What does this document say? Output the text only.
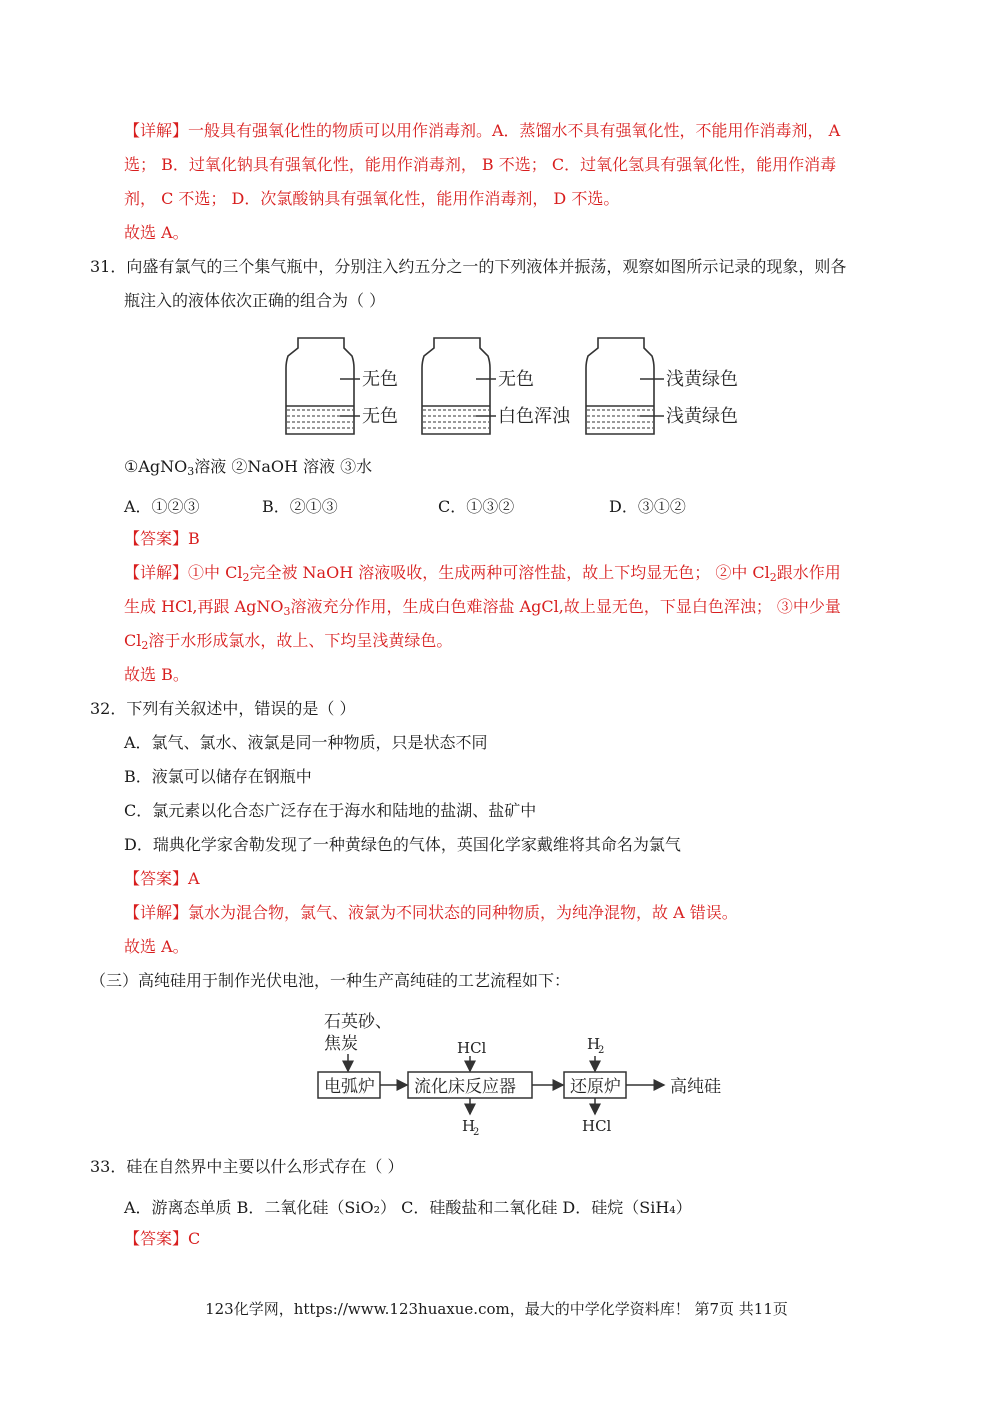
【详解】一般具有强氧化性的物质可以用作消毒剂。A．蒸馏水不具有强氧化性，不能用作消毒剂， A
选； B．过氧化钠具有强氧化性，能用作消毒剂， B 不选； C．过氧化氢具有强氧化性，能用作消毒
剂， C 不选； D．次氯酸钠具有强氧化性，能用作消毒剂， D 不选。
故选 A。
31．向盛有氯气的三个集气瓶中，分别注入约五分之一的下列液体并振荡，观察如图所示记录的现象，则各
瓶注入的液体依次正确的组合为（ ）
无色
无色
无色
白色浑浊
浅黄绿色
浅黄绿色
①AgNO$_3$溶液 ②NaOH 溶液 ③水
A．①②③	B．②①③	C．①③②	D．③①②
【答案】B
【详解】①中 $Cl_2$完全被 NaOH 溶液吸收，生成两种可溶性盐，故上下均显无色； ②中 $Cl_2$跟水作用
生成 HCl,再跟 AgNO$_3$溶液充分作用，生成白色难溶盐 AgCl,故上显无色，下显白色浑浊； ③中少量
$Cl_2$溶于水形成氯水，故上、下均呈浅黄绿色。
故选 B。
32．下列有关叙述中，错误的是（ ）
A．氯气、氯水、液氯是同一种物质，只是状态不同
B．液氯可以储存在钢瓶中
C．氯元素以化合态广泛存在于海水和陆地的盐湖、盐矿中
D．瑞典化学家舍勒发现了一种黄绿色的气体，英国化学家戴维将其命名为氯气
【答案】A
【详解】氯水为混合物，氯气、液氯为不同状态的同种物质，为纯净混物，故 A 错误。
故选 A。
（三）高纯硅用于制作光伏电池，一种生产高纯硅的工艺流程如下：
石英砂、
焦炭
电弧炉 流化床反应器	还原炉	高纯硅
HCl
H
2
H
2
HCl
33．硅在自然界中主要以什么形式存在（ ）
A．游离态单质 B．二氧化硅（SiO₂） C．硅酸盐和二氧化硅 D．硅烷（SiH₄）
【答案】C
123化学网，https://www.123huaxue.com，最大的中学化学资料库！ 第7页 共11页
